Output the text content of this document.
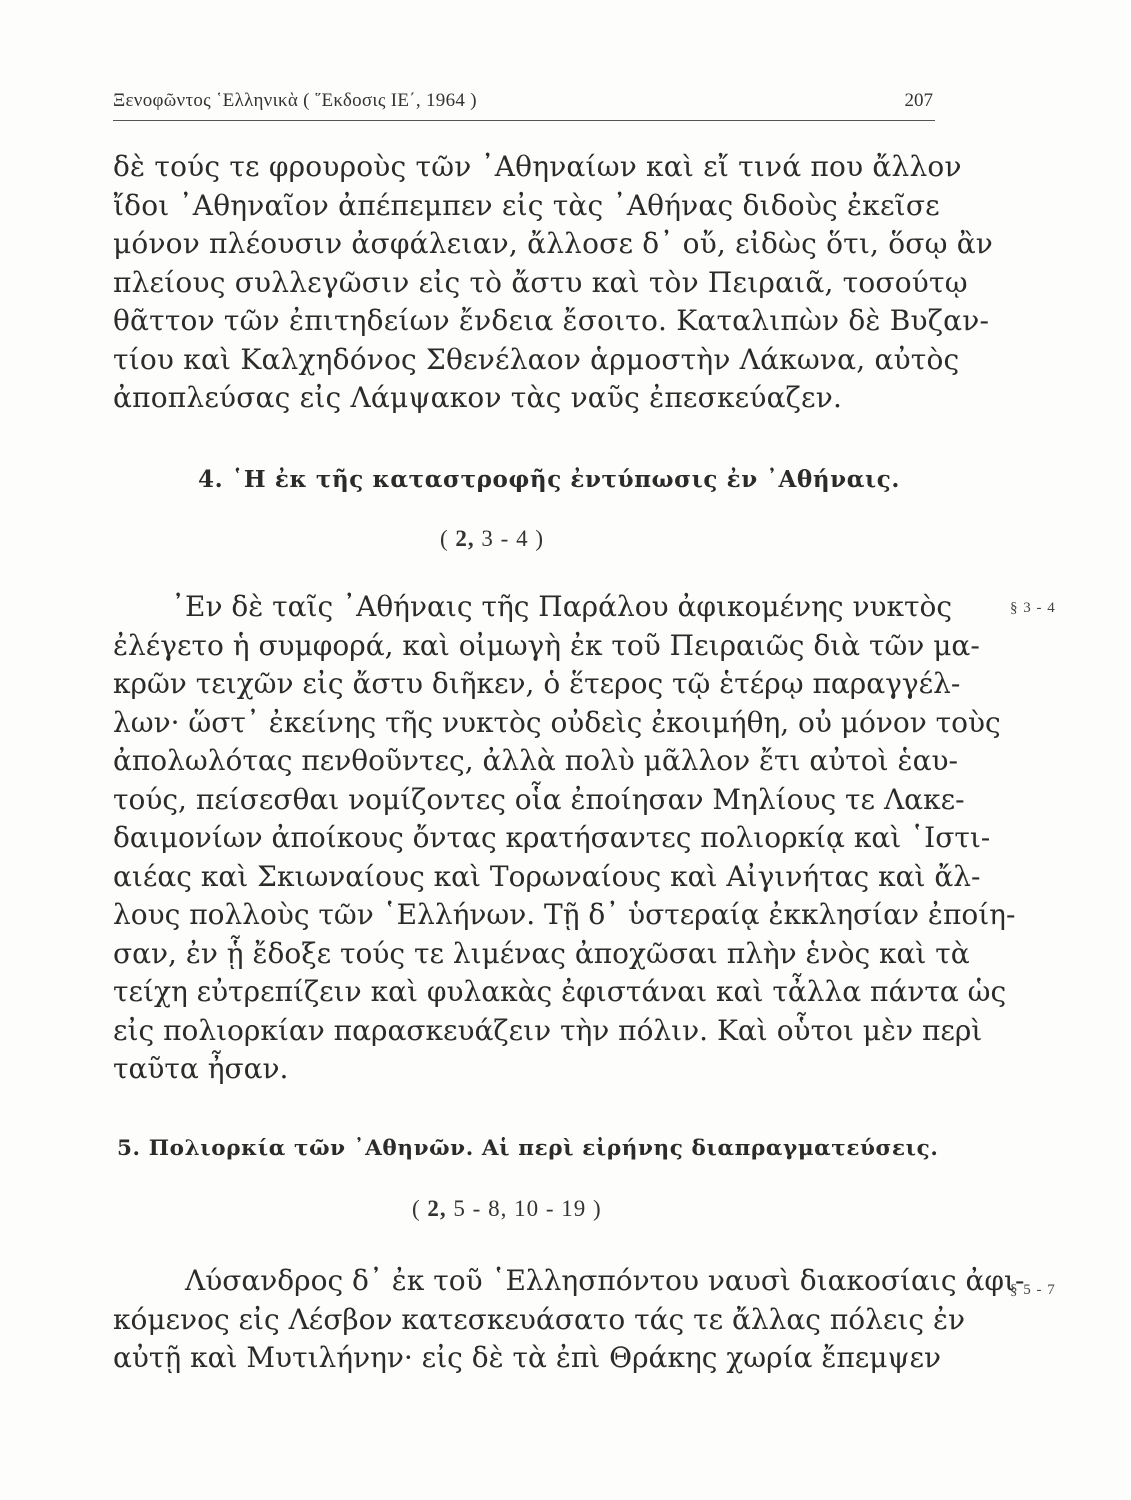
Ξενοφῶντος ῾Ελληνικὰ ( ῞Εκδοσις ΙΕ΄, 1964 )	207
δὲ τούς τε φρουροὺς τῶν ᾿Αθηναίων καὶ εἴ τινά που ἄλλον
ἴδοι ᾿Αθηναῖον ἀπέπεμπεν εἰς τὰς ᾿Αθήνας διδοὺς ἐκεῖσε
μόνον πλέουσιν ἀσφάλειαν, ἄλλοσε δ᾿ οὔ, εἰδὼς ὅτι, ὅσῳ ἂν
πλείους συλλεγῶσιν εἰς τὸ ἄστυ καὶ τὸν Πειραιᾶ, τοσούτῳ
θᾶττον τῶν ἐπιτηδείων ἔνδεια ἔσοιτο. Καταλιπὼν δὲ Βυζαν-
τίου καὶ Καλχηδόνος Σθενέλαον ἁρμοστὴν Λάκωνα, αὐτὸς
ἀποπλεύσας εἰς Λάμψακον τὰς ναῦς ἐπεσκεύαζεν.
4. ῾Η ἐκ τῆς καταστροφῆς ἐντύπωσις ἐν ᾿Αθήναις.
( 2, 3 - 4 )
§ 3 - 4
᾿Εν δὲ ταῖς ᾿Αθήναις τῆς Παράλου ἀφικομένης νυκτὸς
ἐλέγετο ἡ συμφορά, καὶ οἰμωγὴ ἐκ τοῦ Πειραιῶς διὰ τῶν μα-
κρῶν τειχῶν εἰς ἄστυ διῆκεν, ὁ ἕτερος τῷ ἑτέρῳ παραγγέλ-
λων· ὥστ᾿ ἐκείνης τῆς νυκτὸς οὐδεὶς ἐκοιμήθη, οὐ μόνον τοὺς
ἀπολωλότας πενθοῦντες, ἀλλὰ πολὺ μᾶλλον ἔτι αὐτοὶ ἑαυ-
τούς, πείσεσθαι νομίζοντες οἷα ἐποίησαν Μηλίους τε Λακε-
δαιμονίων ἀποίκους ὄντας κρατήσαντες πολιορκίᾳ καὶ ῾Ιστι-
αιέας καὶ Σκιωναίους καὶ Τορωναίους καὶ Αἰγινήτας καὶ ἄλ-
λους πολλοὺς τῶν ῾Ελλήνων. Τῇ δ᾿ ὑστεραίᾳ ἐκκλησίαν ἐποίη-
σαν, ἐν ᾗ ἔδοξε τούς τε λιμένας ἀποχῶσαι πλὴν ἑνὸς καὶ τὰ
τείχη εὐτρεπίζειν καὶ φυλακὰς ἐφιστάναι καὶ τἆλλα πάντα ὡς
εἰς πολιορκίαν παρασκευάζειν τὴν πόλιν. Καὶ οὗτοι μὲν περὶ
ταῦτα ἦσαν.
5. Πολιορκία τῶν ᾿Αθηνῶν. Αἱ περὶ εἰρήνης διαπραγματεύσεις.
( 2, 5 - 8, 10 - 19 )
§ 5 - 7
Λύσανδρος δ᾿ ἐκ τοῦ ῾Ελλησπόντου ναυσὶ διακοσίαις ἀφι-
κόμενος εἰς Λέσβον κατεσκευάσατο τάς τε ἄλλας πόλεις ἐν
αὐτῇ καὶ Μυτιλήνην· εἰς δὲ τὰ ἐπὶ Θράκης χωρία ἔπεμψεν
